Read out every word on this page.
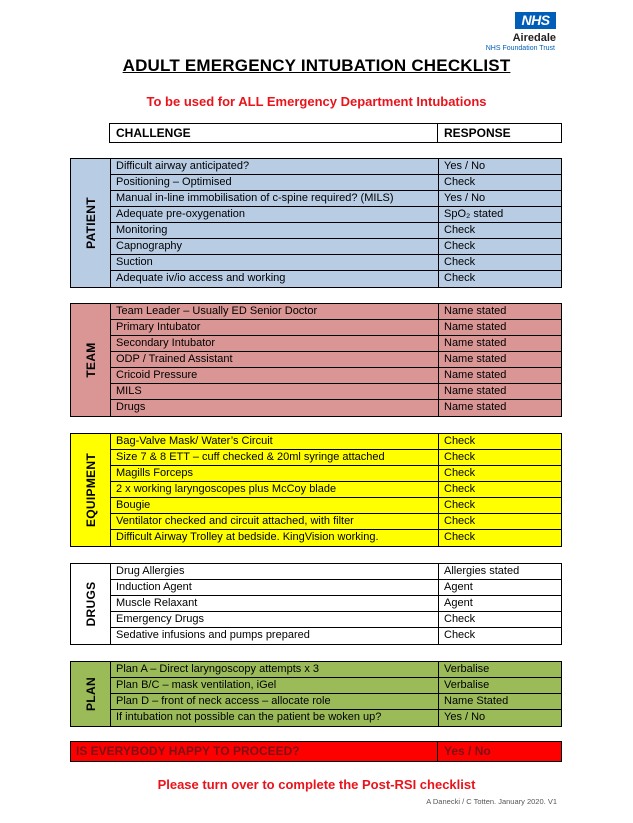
NHS
Airedale
NHS Foundation Trust
ADULT EMERGENCY INTUBATION CHECKLIST
To be used for ALL Emergency Department Intubations
CHALLENGE	RESPONSE
PATIENT
Difficult airway anticipated?	Yes / No
Positioning – Optimised	Check
Manual in-line immobilisation of c-spine required? (MILS)	Yes / No
Adequate pre-oxygenation	SpO₂ stated
Monitoring	Check
Capnography	Check
Suction	Check
Adequate iv/io access and working	Check
TEAM
Team Leader – Usually ED Senior Doctor	Name stated
Primary Intubator	Name stated
Secondary Intubator	Name stated
ODP / Trained Assistant	Name stated
Cricoid Pressure	Name stated
MILS	Name stated
Drugs	Name stated
EQUIPMENT
Bag-Valve Mask/ Water’s Circuit	Check
Size 7 & 8 ETT – cuff checked & 20ml syringe attached	Check
Magills Forceps	Check
2 x working laryngoscopes plus McCoy blade	Check
Bougie	Check
Ventilator checked and circuit attached, with filter	Check
Difficult Airway Trolley at bedside. KingVision working.	Check
DRUGS
Drug Allergies	Allergies stated
Induction Agent	Agent
Muscle Relaxant	Agent
Emergency Drugs	Check
Sedative infusions and pumps prepared	Check
PLAN
Plan A – Direct laryngoscopy attempts x 3	Verbalise
Plan B/C – mask ventilation, iGel	Verbalise
Plan D – front of neck access – allocate role	Name Stated
If intubation not possible can the patient be woken up?	Yes / No
IS EVERYBODY HAPPY TO PROCEED?	Yes / No
Please turn over to complete the Post-RSI checklist
A Danecki / C Totten. January 2020. V1
